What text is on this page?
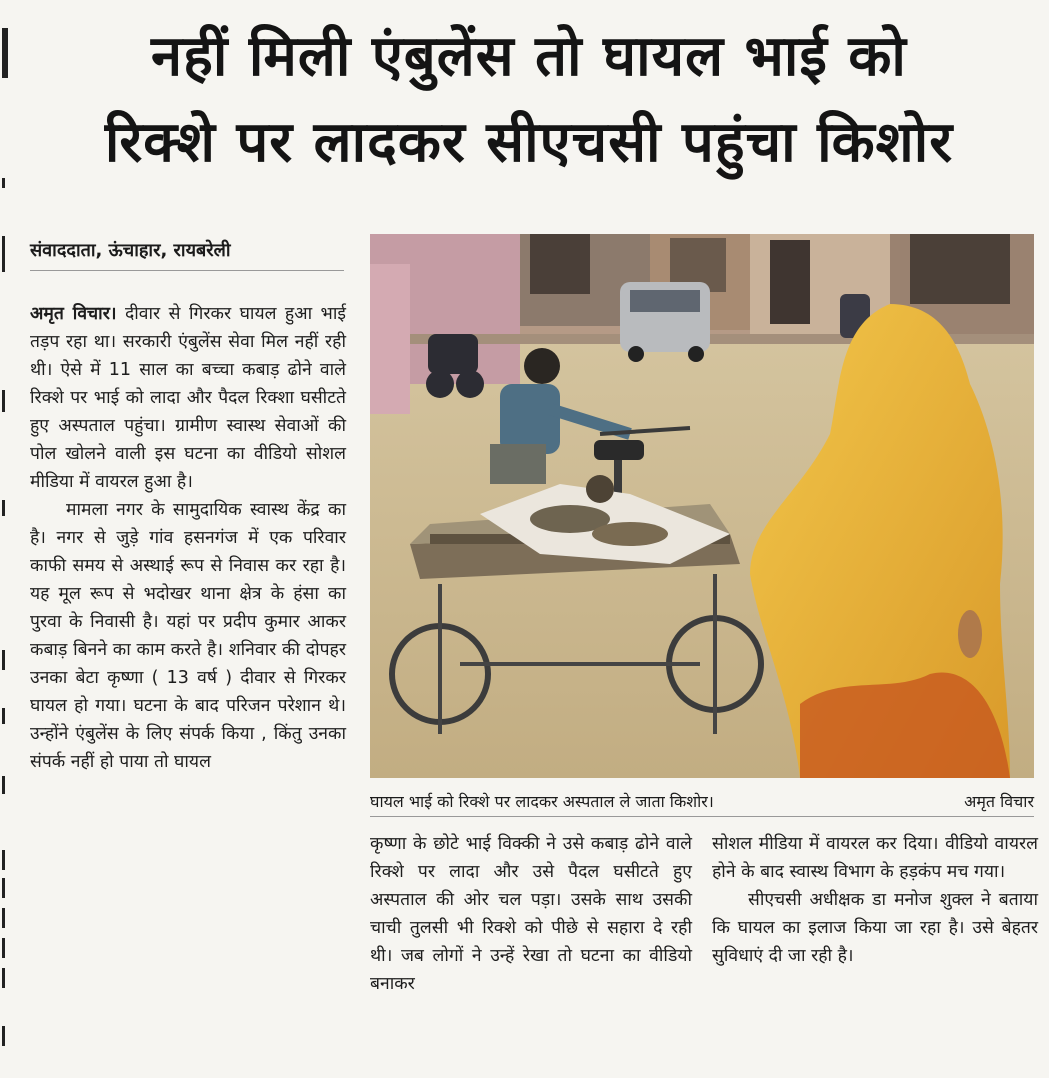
नहीं मिली एंबुलेंस तो घायल भाई को
रिक्शे पर लादकर सीएचसी पहुंचा किशोर
संवाददाता, ऊंचाहार, रायबरेली

अमृत विचार। दीवार से गिरकर घायल हुआ भाई तड़प रहा था। सरकारी एंबुलेंस सेवा मिल नहीं रही थी। ऐसे में 11 साल का बच्चा कबाड़ ढोने वाले रिक्शे पर भाई को लादा और पैदल रिक्शा घसीटते हुए अस्पताल पहुंचा। ग्रामीण स्वास्थ सेवाओं की पोल खोलने वाली इस घटना का वीडियो सोशल मीडिया में वायरल हुआ है।

मामला नगर के सामुदायिक स्वास्थ केंद्र का है। नगर से जुड़े गांव हसनगंज में एक परिवार काफी समय से अस्थाई रूप से निवास कर रहा है। यह मूल रूप से भदोखर थाना क्षेत्र के हंसा का पुरवा के निवासी है। यहां पर प्रदीप कुमार आकर कबाड़ बिनने का काम करते है। शनिवार की दोपहर उनका बेटा कृष्णा ( 13 वर्ष ) दीवार से गिरकर घायल हो गया। घटना के बाद परिजन परेशान थे। उन्होंने एंबुलेंस के लिए संपर्क किया , किंतु उनका संपर्क नहीं हो पाया तो घायल

घायल भाई को रिक्शे पर लादकर अस्पताल ले जाता किशोर।	अमृत विचार

कृष्णा के छोटे भाई विक्की ने उसे कबाड़ ढोने वाले रिक्शे पर लादा और उसे पैदल घसीटते हुए अस्पताल की ओर चल पड़ा। उसके साथ उसकी चाची तुलसी भी रिक्शे को पीछे से सहारा दे रही थी। जब लोगों ने उन्हें रेखा तो घटना का वीडियो बनाकर

सोशल मीडिया में वायरल कर दिया। वीडियो वायरल होने के बाद स्वास्थ विभाग के हड़कंप मच गया।

सीएचसी अधीक्षक डा मनोज शुक्ल ने बताया कि घायल का इलाज किया जा रहा है। उसे बेहतर सुविधाएं दी जा रही है।
